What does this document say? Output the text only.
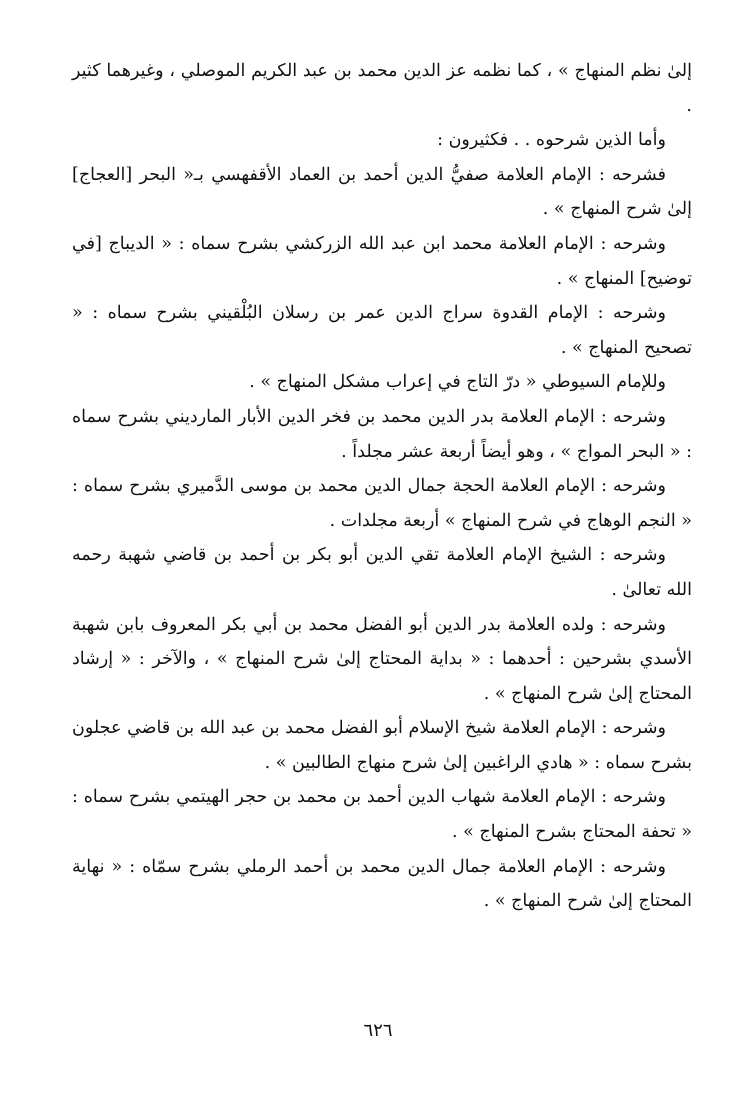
إلىٰ نظم المنهاج » ، كما نظمه عز الدين محمد بن عبد الكريم الموصلي ، وغيرهما كثير .

وأما الذين شرحوه . . فكثيرون :

فشرحه : الإمام العلامة صفيُّ الدين أحمد بن العماد الأقفهسي بـ« البحر [العجاج] إلىٰ شرح المنهاج » .

وشرحه : الإمام العلامة محمد ابن عبد الله الزركشي بشرح سماه : « الديباج [في توضيح] المنهاج » .

وشرحه : الإمام القدوة سراج الدين عمر بن رسلان البُلْقيني بشرح سماه : « تصحيح المنهاج » .

وللإمام السيوطي « درّ التاج في إعراب مشكل المنهاج » .

وشرحه : الإمام العلامة بدر الدين محمد بن فخر الدين الأبار المارديني بشرح سماه : « البحر المواج » ، وهو أيضاً أربعة عشر مجلداً .

وشرحه : الإمام العلامة الحجة جمال الدين محمد بن موسى الدَّميري بشرح سماه : « النجم الوهاج في شرح المنهاج » أربعة مجلدات .

وشرحه : الشيخ الإمام العلامة تقي الدين أبو بكر بن أحمد بن قاضي شهبة رحمه الله تعالىٰ .

وشرحه : ولده العلامة بدر الدين أبو الفضل محمد بن أبي بكر المعروف بابن شهبة الأسدي بشرحين : أحدهما : « بداية المحتاج إلىٰ شرح المنهاج » ، والآخر : « إرشاد المحتاج إلىٰ شرح المنهاج » .

وشرحه : الإمام العلامة شيخ الإسلام أبو الفضل محمد بن عبد الله بن قاضي عجلون بشرح سماه : « هادي الراغبين إلىٰ شرح منهاج الطالبين » .

وشرحه : الإمام العلامة شهاب الدين أحمد بن محمد بن حجر الهيتمي بشرح سماه : « تحفة المحتاج بشرح المنهاج » .

وشرحه : الإمام العلامة جمال الدين محمد بن أحمد الرملي بشرح سمّاه : « نهاية المحتاج إلىٰ شرح المنهاج » .

٦٢٦
